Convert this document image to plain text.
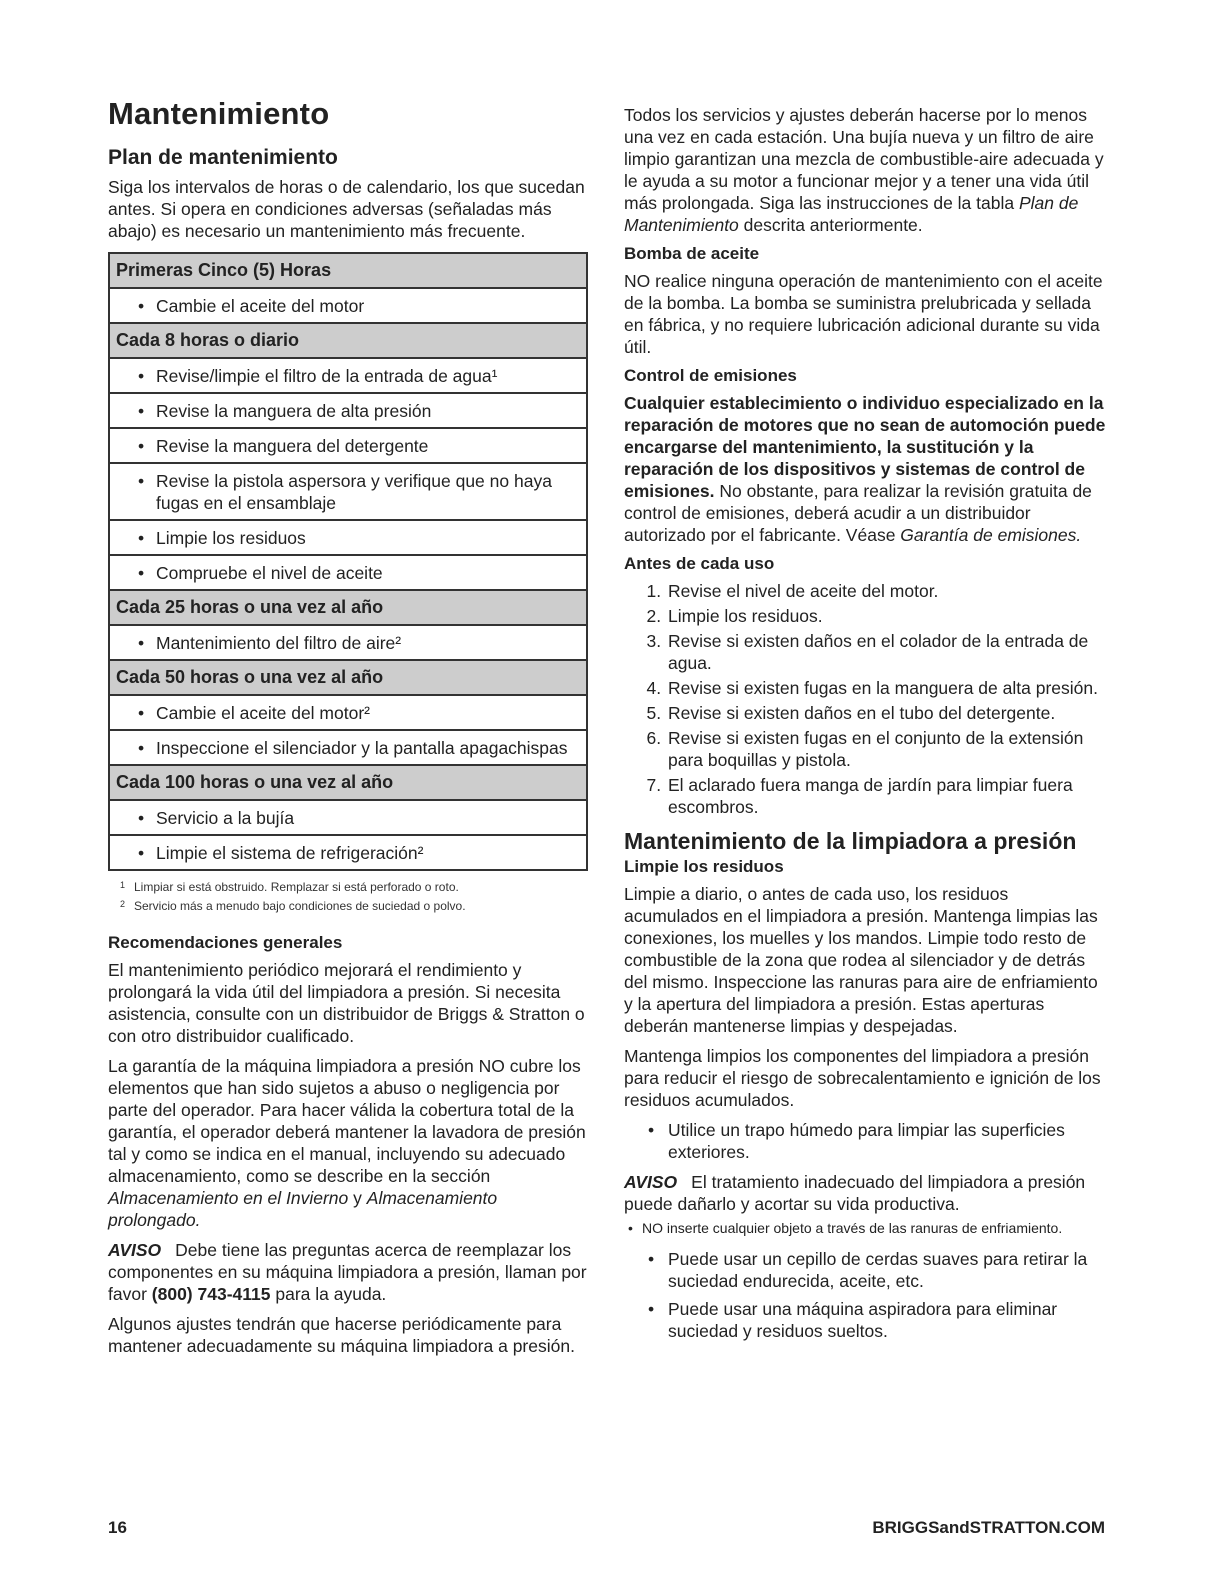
Mantenimiento
Plan de mantenimiento

Siga los intervalos de horas o de calendario, los que sucedan antes. Si opera en condiciones adversas (señaladas más abajo) es necesario un mantenimiento más frecuente.

Primeras Cinco (5) Horas
• Cambie el aceite del motor
Cada 8 horas o diario
• Revise/limpie el filtro de la entrada de agua¹
• Revise la manguera de alta presión
• Revise la manguera del detergente
• Revise la pistola aspersora y verifique que no haya fugas en el ensamblaje
• Limpie los residuos
• Compruebe el nivel de aceite
Cada 25 horas o una vez al año
• Mantenimiento del filtro de aire²
Cada 50 horas o una vez al año
• Cambie el aceite del motor²
• Inspeccione el silenciador y la pantalla apagachispas
Cada 100 horas o una vez al año
• Servicio a la bujía
• Limpie el sistema de refrigeración²
1 Limpiar si está obstruido. Remplazar si está perforado o roto.
2 Servicio más a menudo bajo condiciones de suciedad o polvo.
Recomendaciones generales

El mantenimiento periódico mejorará el rendimiento y prolongará la vida útil del limpiadora a presión. Si necesita asistencia, consulte con un distribuidor de Briggs & Stratton o con otro distribuidor cualificado.

La garantía de la máquina limpiadora a presión NO cubre los elementos que han sido sujetos a abuso o negligencia por parte del operador. Para hacer válida la cobertura total de la garantía, el operador deberá mantener la lavadora de presión tal y como se indica en el manual, incluyendo su adecuado almacenamiento, como se describe en la sección Almacenamiento en el Invierno y Almacenamiento prolongado.

AVISO Debe tiene las preguntas acerca de reemplazar los componentes en su máquina limpiadora a presión, llaman por favor (800) 743-4115 para la ayuda.

Algunos ajustes tendrán que hacerse periódicamente para mantener adecuadamente su máquina limpiadora a presión.

Todos los servicios y ajustes deberán hacerse por lo menos una vez en cada estación. Una bujía nueva y un filtro de aire limpio garantizan una mezcla de combustible-aire adecuada y le ayuda a su motor a funcionar mejor y a tener una vida útil más prolongada. Siga las instrucciones de la tabla Plan de Mantenimiento descrita anteriormente.

Bomba de aceite

NO realice ninguna operación de mantenimiento con el aceite de la bomba. La bomba se suministra prelubricada y sellada en fábrica, y no requiere lubricación adicional durante su vida útil.

Control de emisiones

Cualquier establecimiento o individuo especializado en la reparación de motores que no sean de automoción puede encargarse del mantenimiento, la sustitución y la reparación de los dispositivos y sistemas de control de emisiones. No obstante, para realizar la revisión gratuita de control de emisiones, deberá acudir a un distribuidor autorizado por el fabricante. Véase Garantía de emisiones.

Antes de cada uso
1. Revise el nivel de aceite del motor.
2. Limpie los residuos.
3. Revise si existen daños en el colador de la entrada de agua.
4. Revise si existen fugas en la manguera de alta presión.
5. Revise si existen daños en el tubo del detergente.
6. Revise si existen fugas en el conjunto de la extensión para boquillas y pistola.
7. El aclarado fuera manga de jardín para limpiar fuera escombros.
Mantenimiento de la limpiadora a presión
Limpie los residuos

Limpie a diario, o antes de cada uso, los residuos acumulados en el limpiadora a presión. Mantenga limpias las conexiones, los muelles y los mandos. Limpie todo resto de combustible de la zona que rodea al silenciador y de detrás del mismo. Inspeccione las ranuras para aire de enfriamiento y la apertura del limpiadora a presión. Estas aperturas deberán mantenerse limpias y despejadas.

Mantenga limpios los componentes del limpiadora a presión para reducir el riesgo de sobrecalentamiento e ignición de los residuos acumulados.

• Utilice un trapo húmedo para limpiar las superficies exteriores.

AVISO El tratamiento inadecuado del limpiadora a presión puede dañarlo y acortar su vida productiva.

• NO inserte cualquier objeto a través de las ranuras de enfriamiento.
• Puede usar un cepillo de cerdas suaves para retirar la suciedad endurecida, aceite, etc.
• Puede usar una máquina aspiradora para eliminar suciedad y residuos sueltos.
16	BRIGGSandSTRATTON.COM
